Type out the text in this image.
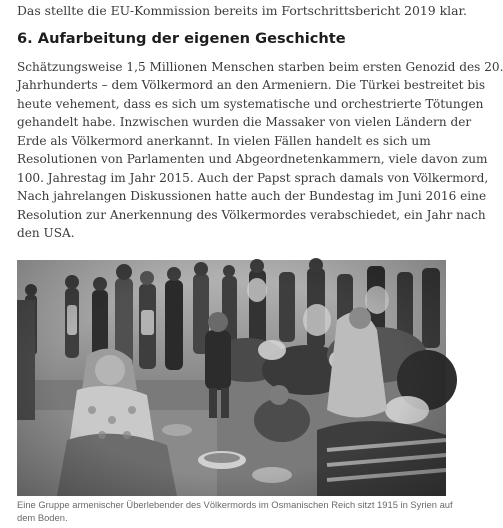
Das stellte die EU-Kommission bereits im Fortschrittsbericht 2019 klar.
6. Aufarbeitung der eigenen Geschichte

Schätzungsweise 1,5 Millionen Menschen starben beim ersten Genozid des 20.
Jahrhunderts – dem Völkermord an den Armeniern. Die Türkei bestreitet bis
heute vehement, dass es sich um systematische und orchestrierte Tötungen
gehandelt habe. Inzwischen wurden die Massaker von vielen Ländern der
Erde als Völkermord anerkannt. In vielen Fällen handelt es sich um
Resolutionen von Parlamenten und Abgeordnetenkammern, viele davon zum
100. Jahrestag im Jahr 2015. Auch der Papst sprach damals von Völkermord,
Nach jahrelangen Diskussionen hatte auch der Bundestag im Juni 2016 eine
Resolution zur Anerkennung des Völkermordes verabschiedet, ein Jahr nach
den USA.

Eine Gruppe armenischer Überlebender des Völkermords im Osmanischen Reich sitzt 1915 in Syrien auf
dem Boden.
